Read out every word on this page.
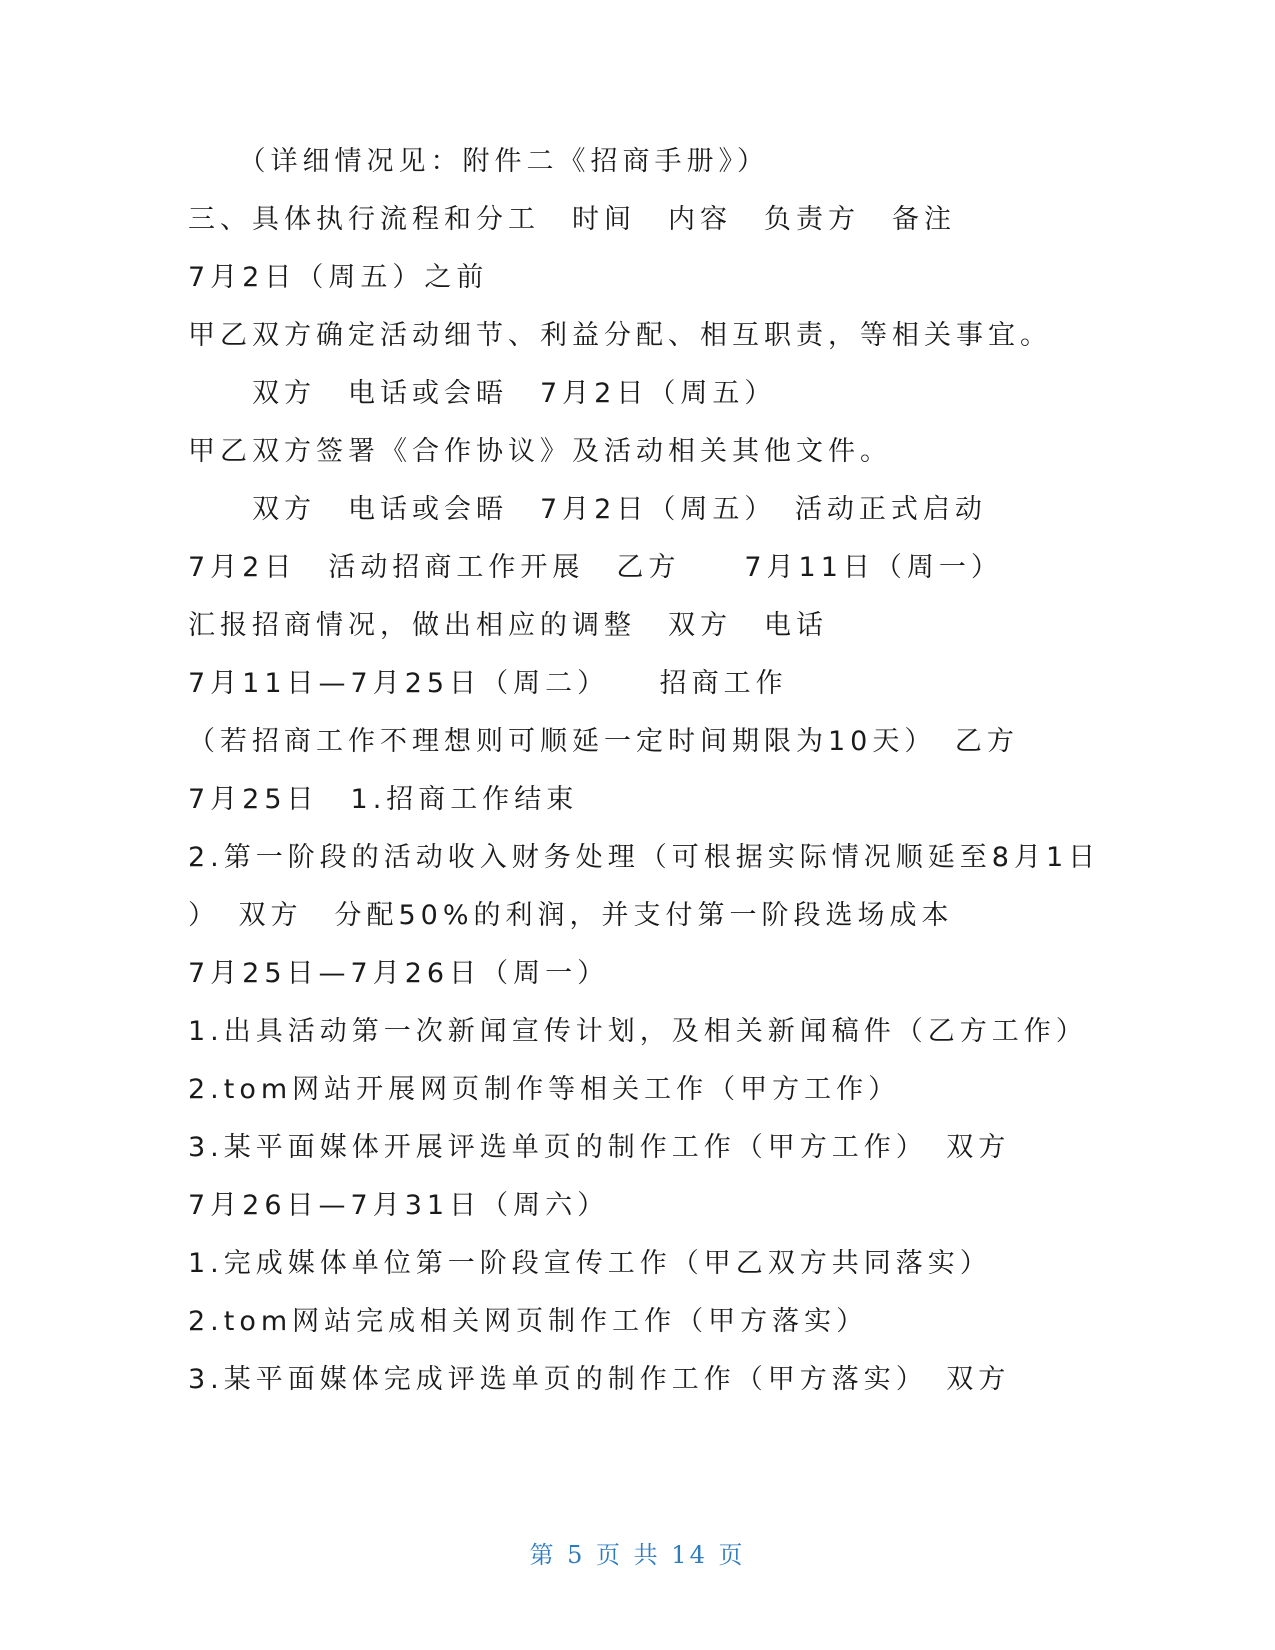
　　（详细情况见：附件二《招商手册》）
三、具体执行流程和分工　时间　内容　负责方　备注
7月2日（周五）之前
甲乙双方确定活动细节、利益分配、相互职责，等相关事宜。
　　双方　电话或会晤　7月2日（周五）
甲乙双方签署《合作协议》及活动相关其他文件。
　　双方　电话或会晤　7月2日（周五）　活动正式启动
7月2日　活动招商工作开展　乙方　　7月11日（周一）
汇报招商情况，做出相应的调整　双方　电话
7月11日—7月25日（周二）　　招商工作
（若招商工作不理想则可顺延一定时间期限为10天）　乙方
7月25日　1.招商工作结束
2.第一阶段的活动收入财务处理（可根据实际情况顺延至8月1日
）　双方　分配50%的利润，并支付第一阶段选场成本
7月25日—7月26日（周一）
1.出具活动第一次新闻宣传计划，及相关新闻稿件（乙方工作）
2.tom网站开展网页制作等相关工作（甲方工作）
3.某平面媒体开展评选单页的制作工作（甲方工作）　双方
7月26日—7月31日（周六）
1.完成媒体单位第一阶段宣传工作（甲乙双方共同落实）
2.tom网站完成相关网页制作工作（甲方落实）
3.某平面媒体完成评选单页的制作工作（甲方落实）　双方
第 5 页 共 14 页
